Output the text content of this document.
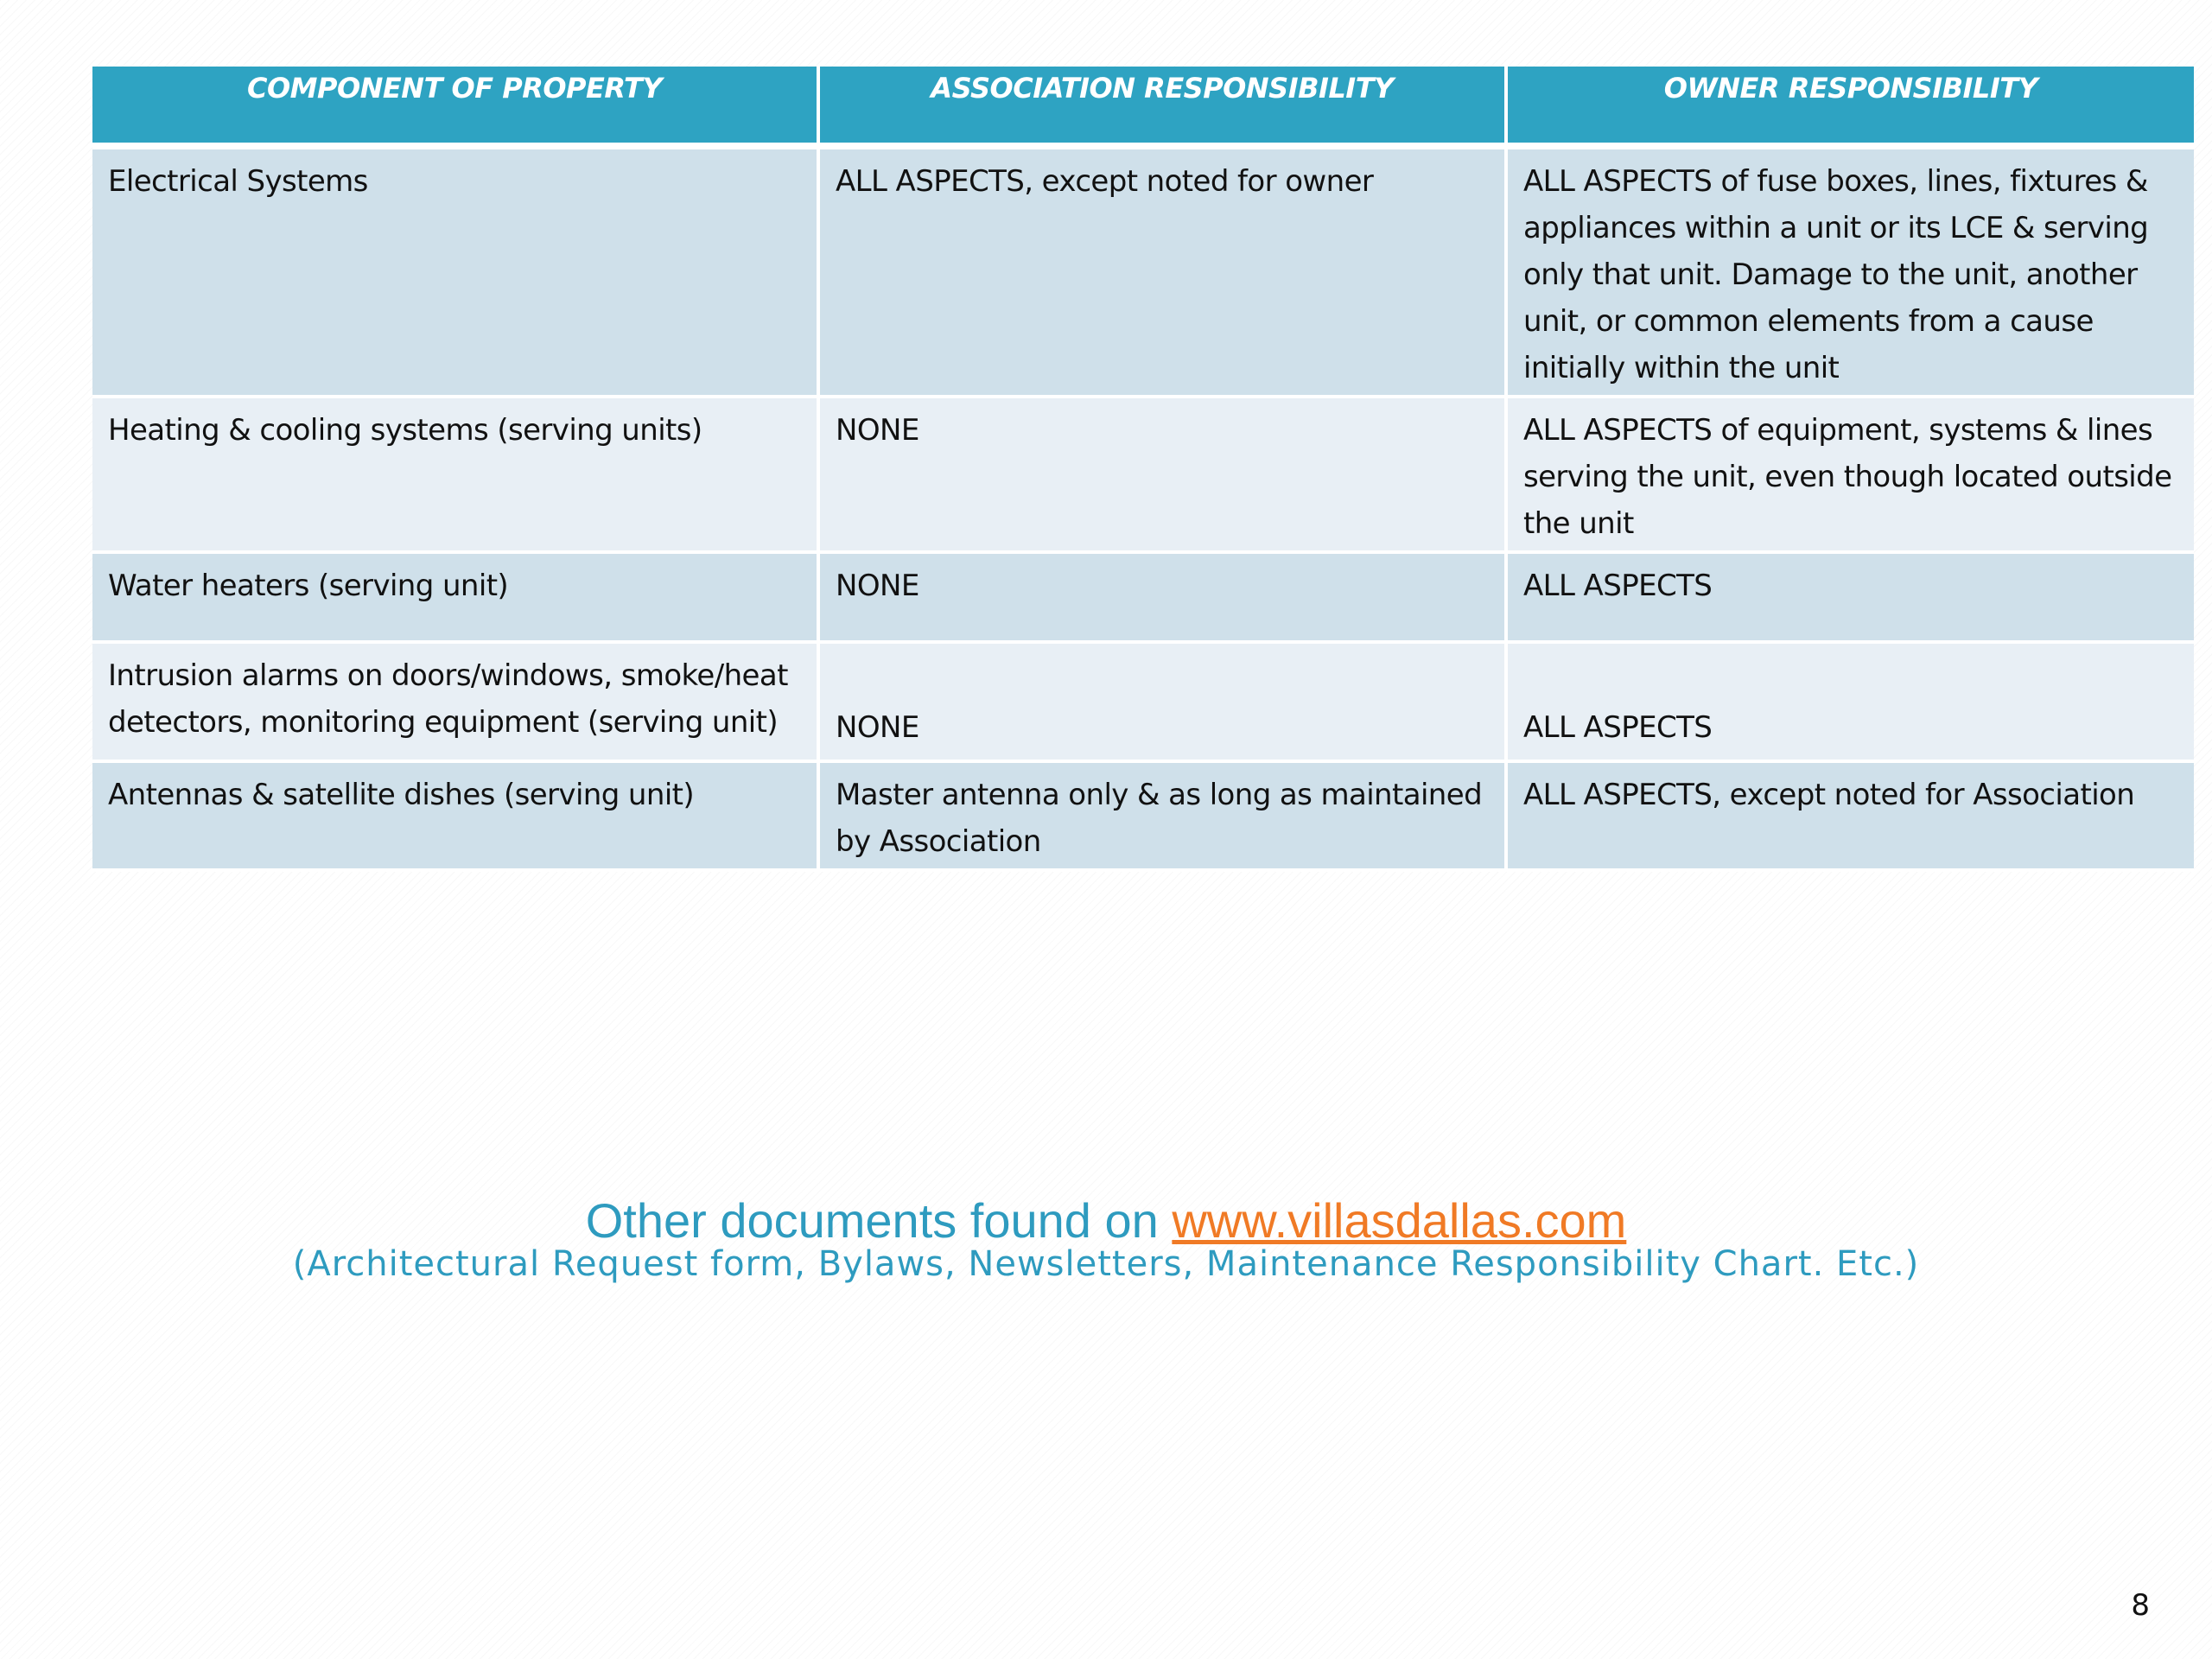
COMPONENT OF PROPERTY	ASSOCIATION RESPONSIBILITY	OWNER RESPONSIBILITY
Electrical Systems	ALL ASPECTS, except noted for owner	ALL ASPECTS of fuse boxes, lines, fixtures & appliances within a unit or its LCE & serving only that unit. Damage to the unit, another unit, or common elements from a cause initially within the unit
Heating & cooling systems (serving units)	NONE	ALL ASPECTS of equipment, systems & lines serving the unit, even though located outside the unit
Water heaters (serving unit)	NONE	ALL ASPECTS
Intrusion alarms on doors/windows, smoke/heat detectors, monitoring equipment (serving unit)	NONE	ALL ASPECTS
Antennas & satellite dishes (serving unit)	Master antenna only & as long as maintained by Association	ALL ASPECTS, except noted for Association
Other documents found on www.villasdallas.com
(Architectural Request form, Bylaws, Newsletters, Maintenance Responsibility Chart. Etc.)
8
